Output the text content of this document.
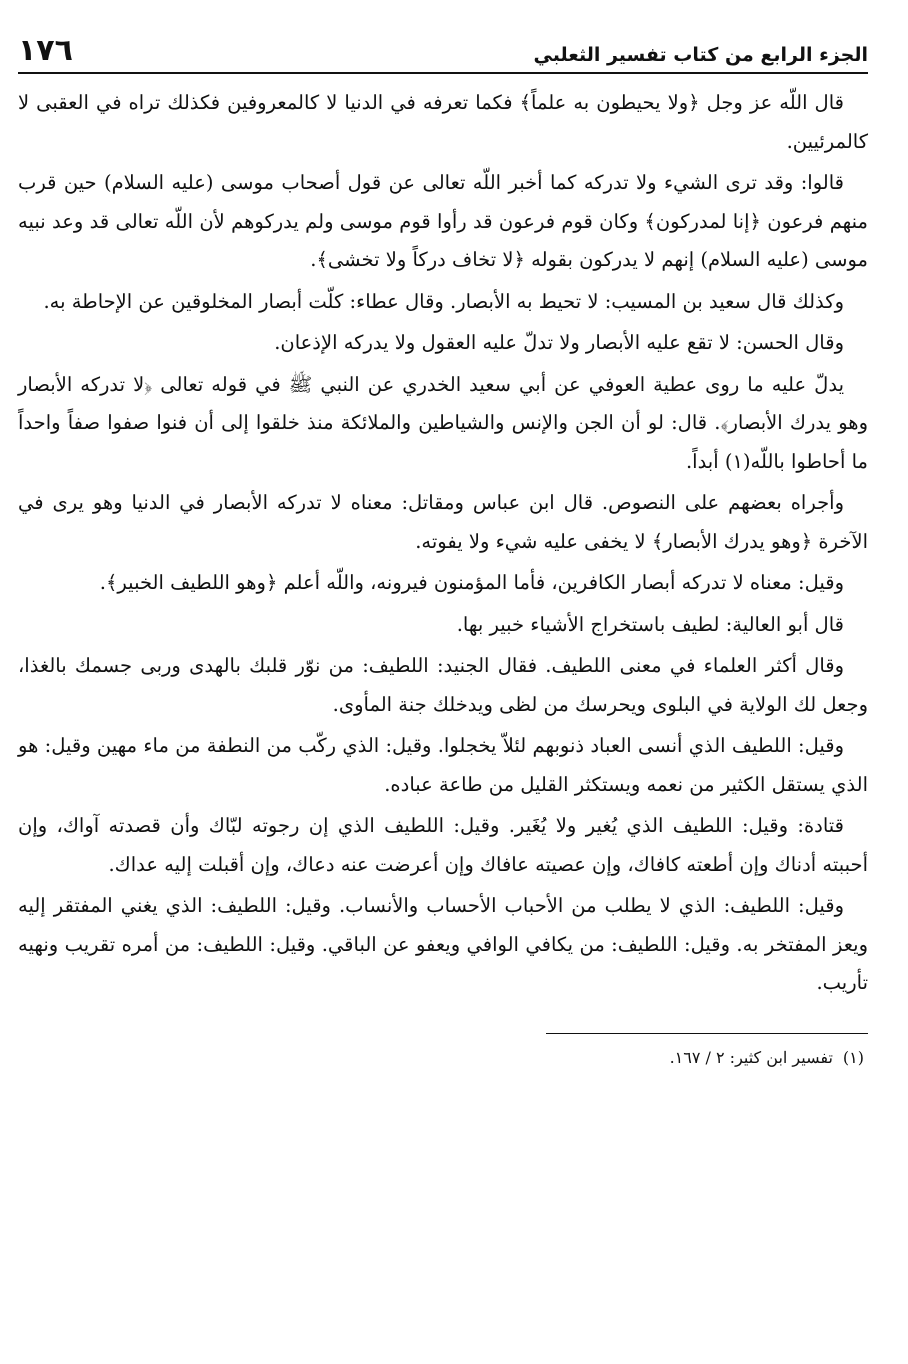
الجزء الرابع من كتاب تفسير الثعلبي
١٧٦

قال اللّه عز وجل ﴿ولا يحيطون به علماً﴾ فكما تعرفه في الدنيا لا كالمعروفين فكذلك تراه في العقبى لا كالمرئيين.

قالوا: وقد ترى الشيء ولا تدركه كما أخبر اللّه تعالى عن قول أصحاب موسى (عليه السلام) حين قرب منهم فرعون ﴿إنا لمدركون﴾ وكان قوم فرعون قد رأوا قوم موسى ولم يدركوهم لأن اللّه تعالى قد وعد نبيه موسى (عليه السلام) إنهم لا يدركون بقوله ﴿لا تخاف دركاً ولا تخشى﴾.

وكذلك قال سعيد بن المسيب: لا تحيط به الأبصار. وقال عطاء: كلّت أبصار المخلوقين عن الإحاطة به.

وقال الحسن: لا تقع عليه الأبصار ولا تدلّ عليه العقول ولا يدركه الإذعان.

يدلّ عليه ما روى عطية العوفي عن أبي سعيد الخدري عن النبي ﷺ في قوله تعالى ﴿لا تدركه الأبصار وهو يدرك الأبصار﴾. قال: لو أن الجن والإنس والشياطين والملائكة منذ خلقوا إلى أن فنوا صفوا صفاً واحداً ما أحاطوا باللّه(١) أبداً.

وأجراه بعضهم على النصوص. قال ابن عباس ومقاتل: معناه لا تدركه الأبصار في الدنيا وهو يرى في الآخرة ﴿وهو يدرك الأبصار﴾ لا يخفى عليه شيء ولا يفوته.

وقيل: معناه لا تدركه أبصار الكافرين، فأما المؤمنون فيرونه، واللّه أعلم ﴿وهو اللطيف الخبير﴾.

قال أبو العالية: لطيف باستخراج الأشياء خبير بها.

وقال أكثر العلماء في معنى اللطيف. فقال الجنيد: اللطيف: من نوّر قلبك بالهدى وربى جسمك بالغذا، وجعل لك الولاية في البلوى ويحرسك من لظى ويدخلك جنة المأوى.

وقيل: اللطيف الذي أنسى العباد ذنوبهم لئلاّ يخجلوا. وقيل: الذي ركّب من النطفة من ماء مهين وقيل: هو الذي يستقل الكثير من نعمه ويستكثر القليل من طاعة عباده.

قتادة: وقيل: اللطيف الذي يُغير ولا يُغَير. وقيل: اللطيف الذي إن رجوته لبّاك وأن قصدته آواك، وإن أحببته أدناك وإن أطعته كافاك، وإن عصيته عافاك وإن أعرضت عنه دعاك، وإن أقبلت إليه عداك.

وقيل: اللطيف: الذي لا يطلب من الأحباب الأحساب والأنساب. وقيل: اللطيف: الذي يغني المفتقر إليه ويعز المفتخر به. وقيل: اللطيف: من يكافي الوافي ويعفو عن الباقي. وقيل: اللطيف: من أمره تقريب ونهيه تأريب.

(١)تفسير ابن كثير: ٢ / ١٦٧.
